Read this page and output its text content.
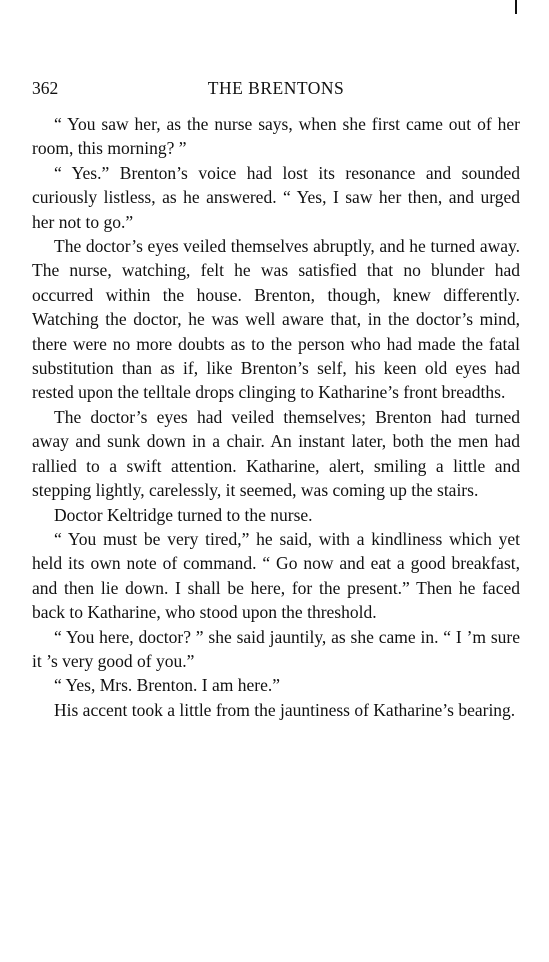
362	THE BRENTONS

“ You saw her, as the nurse says, when she first came out of her room, this morning? ”

“ Yes.” Brenton’s voice had lost its resonance and sounded curiously listless, as he answered. “ Yes, I saw her then, and urged her not to go.”

The doctor’s eyes veiled themselves abruptly, and he turned away. The nurse, watching, felt he was satisfied that no blunder had occurred within the house. Brenton, though, knew differently. Watching the doctor, he was well aware that, in the doctor’s mind, there were no more doubts as to the person who had made the fatal substitution than as if, like Brenton’s self, his keen old eyes had rested upon the telltale drops clinging to Katharine’s front breadths.

The doctor’s eyes had veiled themselves; Brenton had turned away and sunk down in a chair. An instant later, both the men had rallied to a swift attention. Katharine, alert, smiling a little and stepping lightly, carelessly, it seemed, was coming up the stairs.

Doctor Keltridge turned to the nurse.

“ You must be very tired,” he said, with a kindliness which yet held its own note of command. “ Go now and eat a good breakfast, and then lie down. I shall be here, for the present.” Then he faced back to Katharine, who stood upon the threshold.

“ You here, doctor? ” she said jauntily, as she came in. “ I ’m sure it ’s very good of you.”

“ Yes, Mrs. Brenton. I am here.”

His accent took a little from the jauntiness of Katharine’s bearing.
